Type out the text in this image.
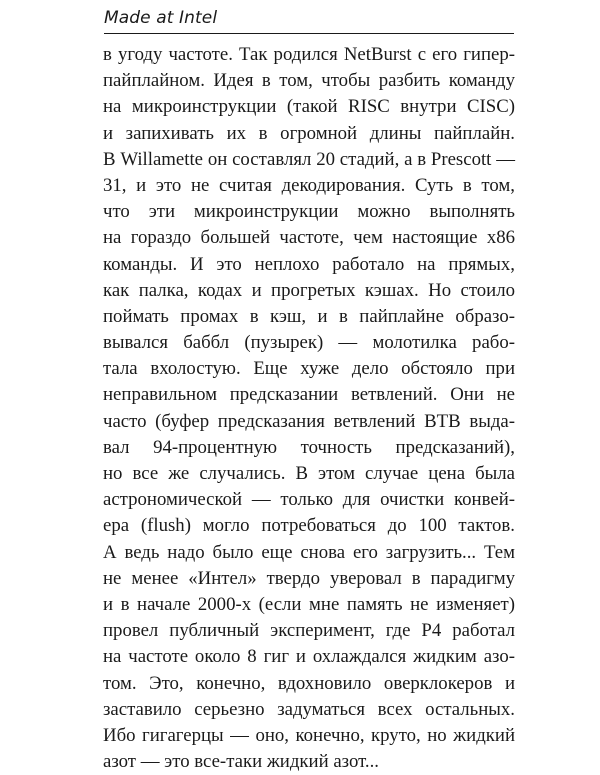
Made at Intel
в угоду частоте. Так родился NetBurst с его гипер-
пайплайном. Идея в том, чтобы разбить команду
на микроинструкции (такой RISC внутри CISC)
и запихивать их в огромной длины пайплайн.
В Willamette он составлял 20 стадий, а в Prescott —
31, и это не считая декодирования. Суть в том,
что эти микроинструкции можно выполнять
на гораздо большей частоте, чем настоящие x86
команды. И это неплохо работало на прямых,
как палка, кодах и прогретых кэшах. Но стоило
поймать промах в кэш, и в пайплайне образо-
вывался баббл (пузырек) — молотилка рабо-
тала вхолостую. Еще хуже дело обстояло при
неправильном предсказании ветвлений. Они не
часто (буфер предсказания ветвлений BTB выда-
вал 94-процентную точность предсказаний),
но все же случались. В этом случае цена была
астрономической — только для очистки конвей-
ера (flush) могло потребоваться до 100 тактов.
А ведь надо было еще снова его загрузить... Тем
не менее «Интел» твердо уверовал в парадигму
и в начале 2000-х (если мне память не изменяет)
провел публичный эксперимент, где P4 работал
на частоте около 8 гиг и охлаждался жидким азо-
том. Это, конечно, вдохновило оверклокеров и
заставило серьезно задуматься всех остальных.
Ибо гигагерцы — оно, конечно, круто, но жидкий
азот — это все-таки жидкий азот...
